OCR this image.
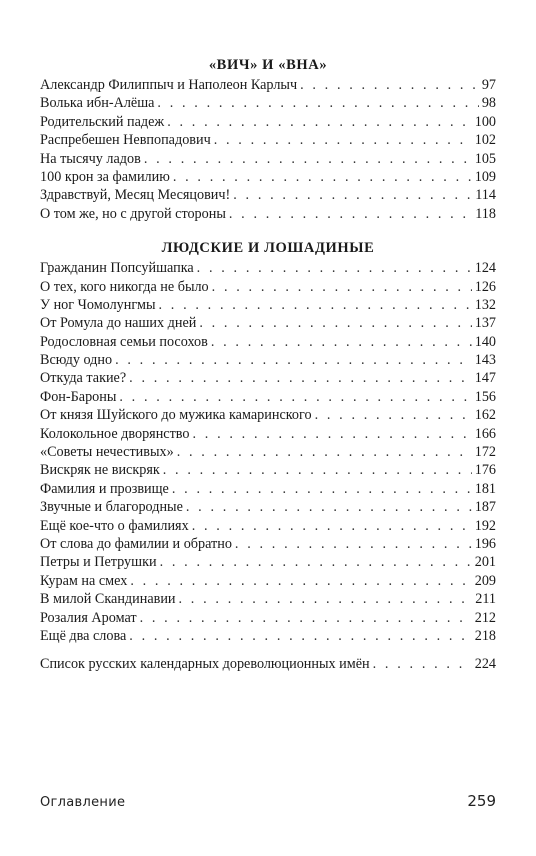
«ВИЧ» И «ВНА»
Александр Филиппыч и Наполеон Карлыч . . .	97
Волька ибн-Алёша . . .	98
Родительский падеж . . .	100
Распребешен Невпопадович . . .	102
На тысячу ладов . . .	105
100 крон за фамилию . . .	109
Здравствуй, Месяц Месяцович! . . .	114
О том же, но с другой стороны . . .	118
ЛЮДСКИЕ И ЛОШАДИНЫЕ
Гражданин Попсуйшапка . . .	124
О тех, кого никогда не было . . .	126
У ног Чомолунгмы . . .	132
От Ромула до наших дней . . .	137
Родословная семьи посохов . . .	140
Всюду одно . . .	143
Откуда такие? . . .	147
Фон-Бароны . . .	156
От князя Шуйского до мужика камаринского . . .	162
Колокольное дворянство . . .	166
«Советы нечестивых» . . .	172
Вискряк не вискряк . . .	176
Фамилия и прозвище . . .	181
Звучные и благородные . . .	187
Ещё кое-что о фамилиях . . .	192
От слова до фамилии и обратно . . .	196
Петры и Петрушки . . .	201
Курам на смех . . .	209
В милой Скандинавии . . .	211
Розалия Аромат . . .	212
Ещё два слова . . .	218
Список русских календарных дореволюционных имён . . .	224
Оглавление	259
